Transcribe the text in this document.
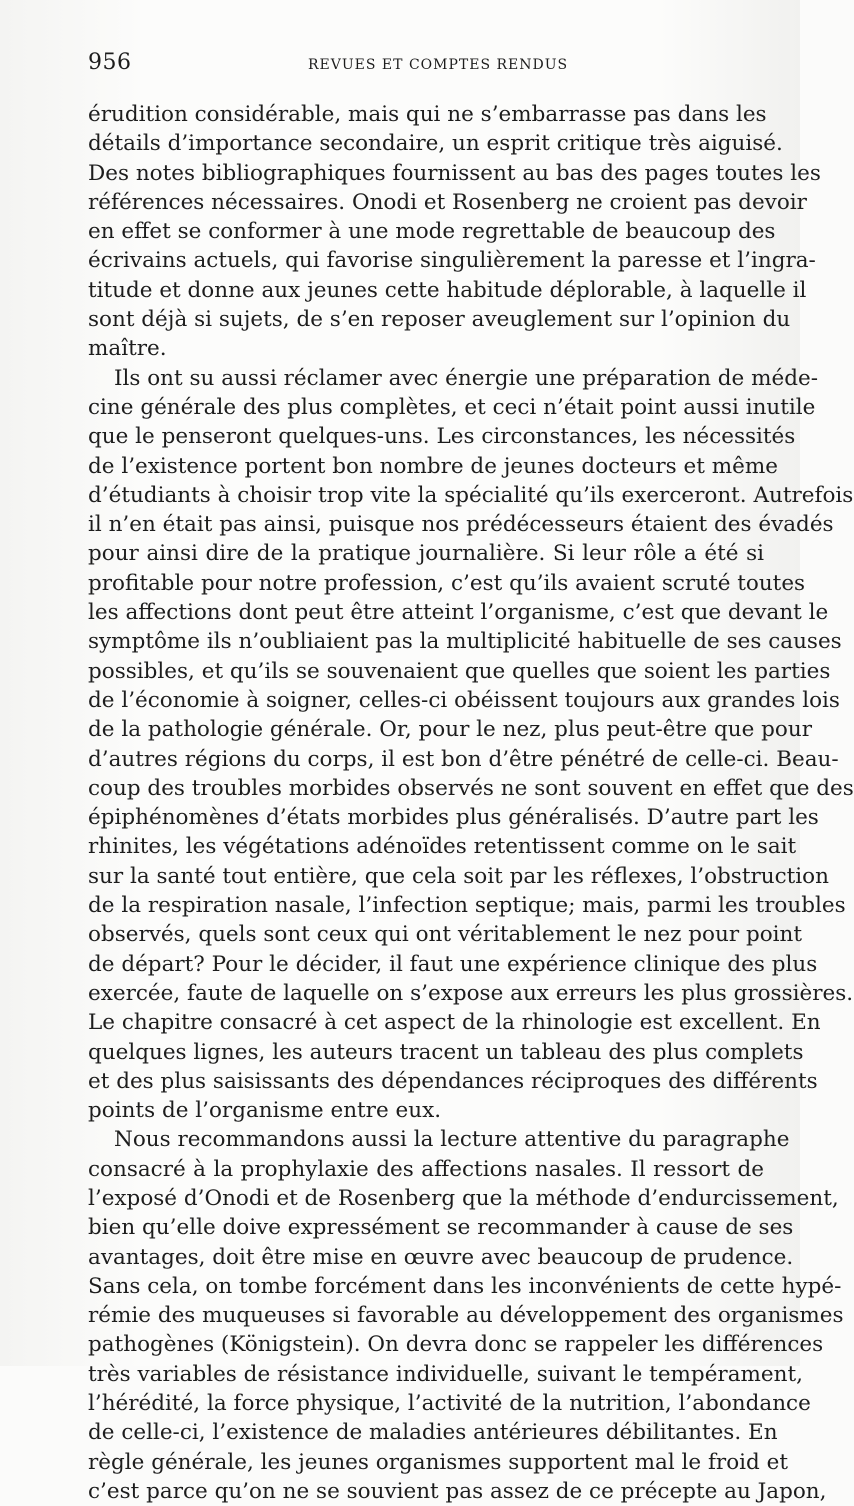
956	REVUES ET COMPTES RENDUS
érudition considérable, mais qui ne s’embarrasse pas dans les
détails d’importance secondaire, un esprit critique très aiguisé.
Des notes bibliographiques fournissent au bas des pages toutes les
références nécessaires. Onodi et Rosenberg ne croient pas devoir
en effet se conformer à une mode regrettable de beaucoup des
écrivains actuels, qui favorise singulièrement la paresse et l’ingra-
titude et donne aux jeunes cette habitude déplorable, à laquelle il
sont déjà si sujets, de s’en reposer aveuglement sur l’opinion du
maître.
Ils ont su aussi réclamer avec énergie une préparation de méde-
cine générale des plus complètes, et ceci n’était point aussi inutile
que le penseront quelques-uns. Les circonstances, les nécessités
de l’existence portent bon nombre de jeunes docteurs et même
d’étudiants à choisir trop vite la spécialité qu’ils exerceront. Autrefois
il n’en était pas ainsi, puisque nos prédécesseurs étaient des évadés
pour ainsi dire de la pratique journalière. Si leur rôle a été si
profitable pour notre profession, c’est qu’ils avaient scruté toutes
les affections dont peut être atteint l’organisme, c’est que devant le
symptôme ils n’oubliaient pas la multiplicité habituelle de ses causes
possibles, et qu’ils se souvenaient que quelles que soient les parties
de l’économie à soigner, celles-ci obéissent toujours aux grandes lois
de la pathologie générale. Or, pour le nez, plus peut-être que pour
d’autres régions du corps, il est bon d’être pénétré de celle-ci. Beau-
coup des troubles morbides observés ne sont souvent en effet que des
épiphénomènes d’états morbides plus généralisés. D’autre part les
rhinites, les végétations adénoïdes retentissent comme on le sait
sur la santé tout entière, que cela soit par les réflexes, l’obstruction
de la respiration nasale, l’infection septique; mais, parmi les troubles
observés, quels sont ceux qui ont véritablement le nez pour point
de départ? Pour le décider, il faut une expérience clinique des plus
exercée, faute de laquelle on s’expose aux erreurs les plus grossières.
Le chapitre consacré à cet aspect de la rhinologie est excellent. En
quelques lignes, les auteurs tracent un tableau des plus complets
et des plus saisissants des dépendances réciproques des différents
points de l’organisme entre eux.
Nous recommandons aussi la lecture attentive du paragraphe
consacré à la prophylaxie des affections nasales. Il ressort de
l’exposé d’Onodi et de Rosenberg que la méthode d’endurcissement,
bien qu’elle doive expressément se recommander à cause de ses
avantages, doit être mise en œuvre avec beaucoup de prudence.
Sans cela, on tombe forcément dans les inconvénients de cette hypé-
rémie des muqueuses si favorable au développement des organismes
pathogènes (Königstein). On devra donc se rappeler les différences
très variables de résistance individuelle, suivant le tempérament,
l’hérédité, la force physique, l’activité de la nutrition, l’abondance
de celle-ci, l’existence de maladies antérieures débilitantes. En
règle générale, les jeunes organismes supportent mal le froid et
c’est parce qu’on ne se souvient pas assez de ce précepte au Japon,
